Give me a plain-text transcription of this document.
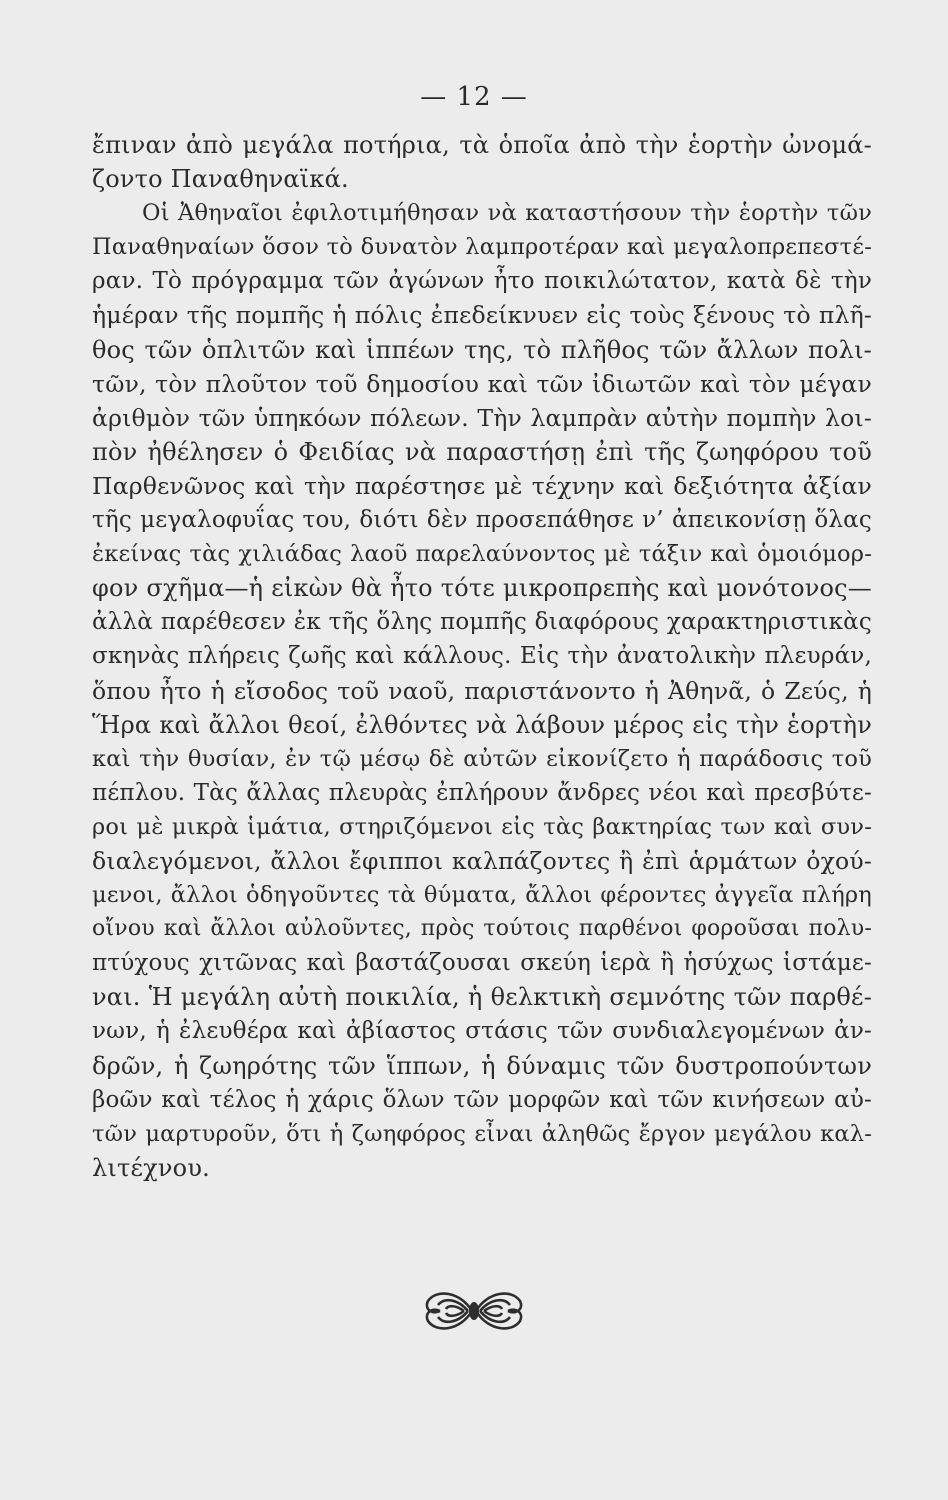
— 12 —
ἔπιναν ἀπὸ μεγάλα ποτήρια, τὰ ὁποῖα ἀπὸ τὴν ἑορτὴν ὠνομά-
ζοντο Παναθηναϊκά.
Οἱ Ἀθηναῖοι ἐφιλοτιμήθησαν νὰ καταστήσουν τὴν ἑορτὴν τῶν
Παναθηναίων ὅσον τὸ δυνατὸν λαμπροτέραν καὶ μεγαλοπρεπεστέ-
ραν. Τὸ πρόγραμμα τῶν ἀγώνων ἦτο ποικιλώτατον, κατὰ δὲ τὴν
ἡμέραν τῆς πομπῆς ἡ πόλις ἐπεδείκνυεν εἰς τοὺς ξένους τὸ πλῆ-
θος τῶν ὁπλιτῶν καὶ ἱππέων της, τὸ πλῆθος τῶν ἄλλων πολι-
τῶν, τὸν πλοῦτον τοῦ δημοσίου καὶ τῶν ἰδιωτῶν καὶ τὸν μέγαν
ἀριθμὸν τῶν ὑπηκόων πόλεων. Τὴν λαμπρὰν αὐτὴν πομπὴν λοι-
πὸν ἠθέλησεν ὁ Φειδίας νὰ παραστήσῃ ἐπὶ τῆς ζωηφόρου τοῦ
Παρθενῶνος καὶ τὴν παρέστησε μὲ τέχνην καὶ δεξιότητα ἀξίαν
τῆς μεγαλοφυΐας του, διότι δὲν προσεπάθησε ν’ ἀπεικονίσῃ ὅλας
ἐκείνας τὰς χιλιάδας λαοῦ παρελαύνοντος μὲ τάξιν καὶ ὁμοιόμορ-
φον σχῆμα—ἡ εἰκὼν θὰ ἦτο τότε μικροπρεπὴς καὶ μονότονος—
ἀλλὰ παρέθεσεν ἐκ τῆς ὅλης πομπῆς διαφόρους χαρακτηριστικὰς
σκηνὰς πλήρεις ζωῆς καὶ κάλλους. Εἰς τὴν ἀνατολικὴν πλευράν,
ὅπου ἦτο ἡ εἴσοδος τοῦ ναοῦ, παριστάνοντο ἡ Ἀθηνᾶ, ὁ Ζεύς, ἡ
Ἥρα καὶ ἄλλοι θεοί, ἐλθόντες νὰ λάβουν μέρος εἰς τὴν ἑορτὴν
καὶ τὴν θυσίαν, ἐν τῷ μέσῳ δὲ αὐτῶν εἰκονίζετο ἡ παράδοσις τοῦ
πέπλου. Τὰς ἄλλας πλευρὰς ἐπλήρουν ἄνδρες νέοι καὶ πρεσβύτε-
ροι μὲ μικρὰ ἱμάτια, στηριζόμενοι εἰς τὰς βακτηρίας των καὶ συν-
διαλεγόμενοι, ἄλλοι ἔφιπποι καλπάζοντες ἢ ἐπὶ ἁρμάτων ὀχού-
μενοι, ἄλλοι ὁδηγοῦντες τὰ θύματα, ἄλλοι φέροντες ἀγγεῖα πλήρη
οἴνου καὶ ἄλλοι αὐλοῦντες, πρὸς τούτοις παρθένοι φοροῦσαι πολυ-
πτύχους χιτῶνας καὶ βαστάζουσαι σκεύη ἱερὰ ἢ ἡσύχως ἱστάμε-
ναι. Ἡ μεγάλη αὐτὴ ποικιλία, ἡ θελκτικὴ σεμνότης τῶν παρθέ-
νων, ἡ ἐλευθέρα καὶ ἀβίαστος στάσις τῶν συνδιαλεγομένων ἀν-
δρῶν, ἡ ζωηρότης τῶν ἵππων, ἡ δύναμις τῶν δυστροπούντων
βοῶν καὶ τέλος ἡ χάρις ὅλων τῶν μορφῶν καὶ τῶν κινήσεων αὐ-
τῶν μαρτυροῦν, ὅτι ἡ ζωηφόρος εἶναι ἀληθῶς ἔργον μεγάλου καλ-
λιτέχνου.
